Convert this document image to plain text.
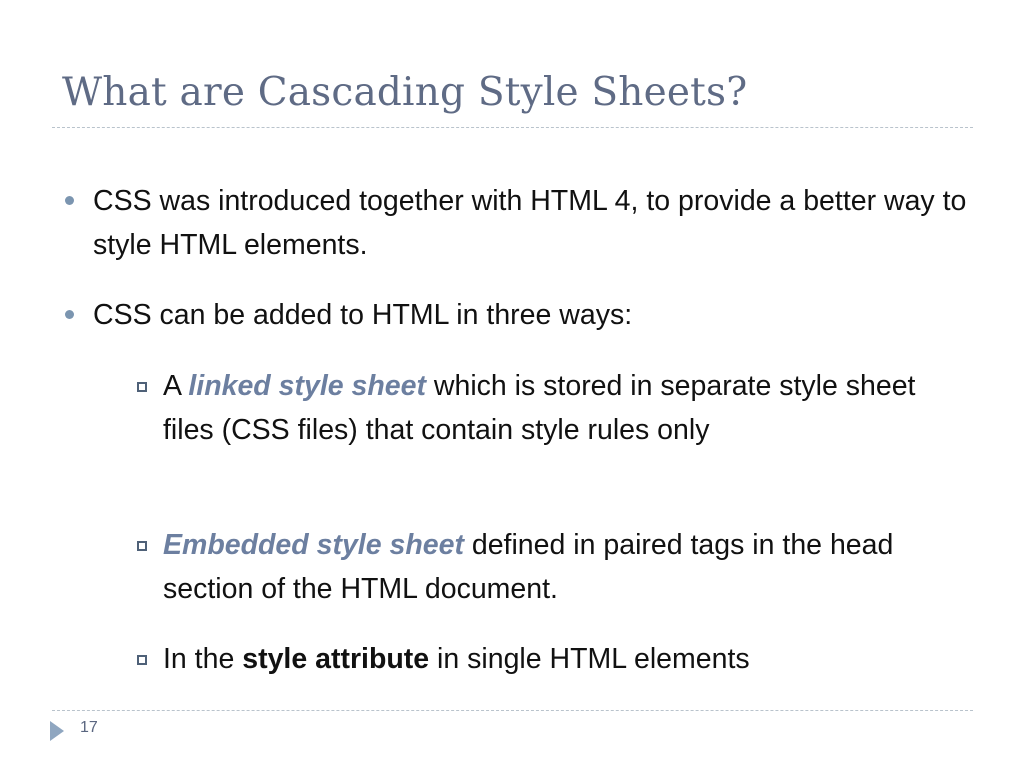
What are Cascading Style Sheets?
CSS was introduced together with HTML 4, to provide a better way to style HTML elements.
CSS can be added to HTML in three ways:
A linked style sheet which is stored in separate style sheet files (CSS files) that contain style rules only
Embedded style sheet defined in paired tags in the head section of the HTML document.
In the style attribute in single HTML elements
17
